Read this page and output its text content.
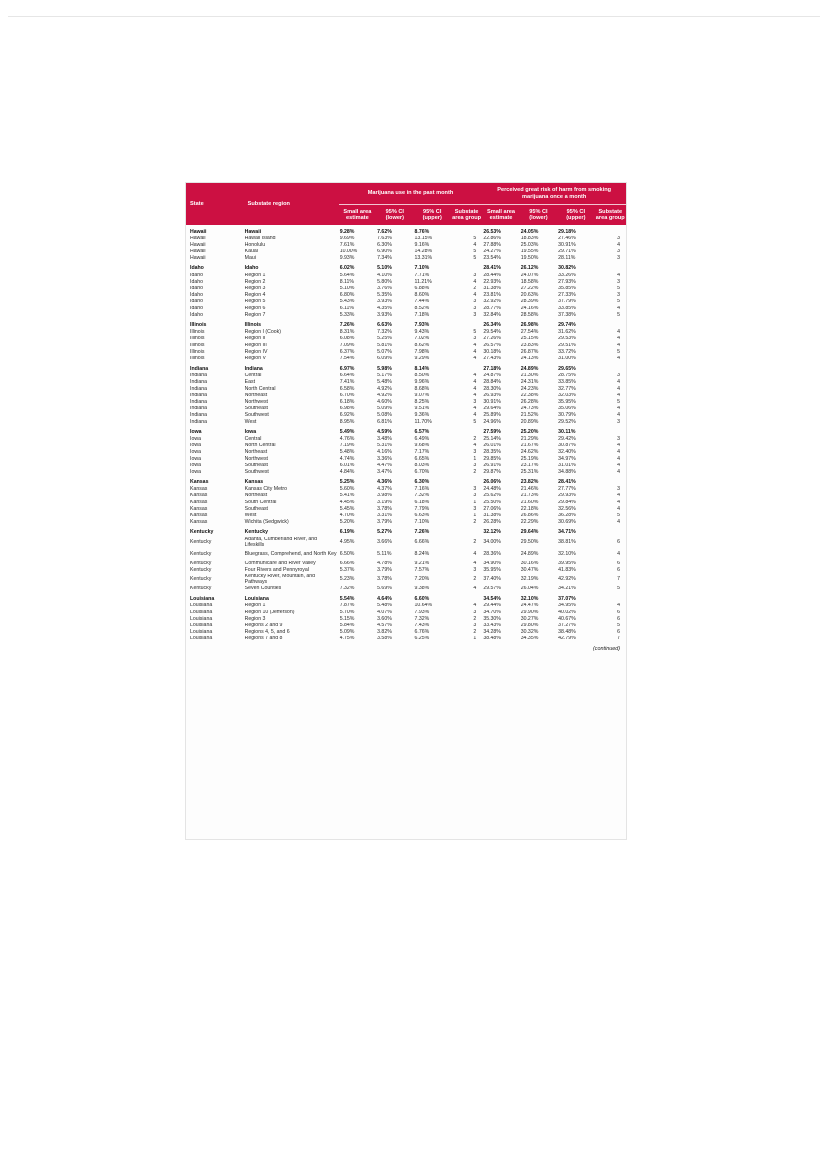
State	Substate region	Marijuana use in the past month				Perceived great risk of harm from smoking marijuana once a month			
		Small area estimate	95% CI (lower)	95% CI (upper)	Substate area group	Small area estimate	95% CI (lower)	95% CI (upper)	Substate area group
Hawaii	Hawaii	9.28%	7.62%	8.76%		26.53%	24.05%	29.18%	
Hawaii	Hawaii Island	9.69%	7.63%	13.15%	5	22.86%	18.83%	27.46%	3
Hawaii	Honolulu	7.61%	6.30%	9.16%	4	27.88%	25.03%	30.91%	4
Hawaii	Kauai	10.00%	6.90%	14.28%	5	24.27%	19.55%	29.71%	3
Hawaii	Maui	9.93%	7.34%	13.31%	5	23.54%	19.50%	28.11%	3
Idaho	Idaho	6.02%	5.10%	7.10%		28.41%	26.12%	30.82%	
Idaho	Region 1	5.64%	4.10%	7.71%	3	28.44%	24.07%	33.26%	4
Idaho	Region 2	8.11%	5.80%	11.21%	4	22.93%	18.58%	27.93%	3
Idaho	Region 3	5.10%	3.76%	6.88%	2	31.38%	27.22%	35.85%	5
Idaho	Region 4	6.80%	5.35%	8.60%	4	23.81%	20.63%	27.33%	3
Idaho	Region 5	5.43%	3.93%	7.44%	3	32.92%	28.39%	37.79%	5
Idaho	Region 6	6.11%	4.35%	8.52%	3	28.77%	24.16%	33.85%	4
Idaho	Region 7	5.33%	3.93%	7.18%	3	32.84%	28.58%	37.38%	5
Illinois	Illinois	7.26%	6.63%	7.93%		26.34%	26.98%	29.74%	
Illinois	Region I (Cook)	8.31%	7.32%	9.43%	5	29.54%	27.54%	31.62%	4
Illinois	Region II	6.08%	5.25%	7.02%	3	27.26%	25.15%	29.53%	4
Illinois	Region III	7.09%	5.81%	8.62%	4	26.57%	23.83%	29.51%	4
Illinois	Region IV	6.37%	5.07%	7.98%	4	30.18%	26.87%	33.72%	5
Illinois	Region V	7.54%	6.09%	9.29%	4	27.43%	24.13%	31.00%	4
Indiana	Indiana	6.97%	5.98%	8.14%		27.18%	24.89%	29.65%	
Indiana	Central	6.64%	5.17%	8.50%	4	24.87%	21.30%	28.75%	3
Indiana	East	7.41%	5.48%	9.96%	4	28.84%	24.31%	33.85%	4
Indiana	North Central	6.58%	4.92%	8.68%	4	28.30%	24.23%	32.77%	4
Indiana	Northeast	6.70%	4.92%	9.07%	4	26.93%	22.38%	32.03%	4
Indiana	Northwest	6.18%	4.60%	8.25%	3	30.91%	26.28%	35.95%	5
Indiana	Southeast	6.98%	5.09%	9.51%	4	29.64%	24.73%	35.06%	4
Indiana	Southwest	6.92%	5.08%	9.36%	4	25.89%	21.52%	30.79%	4
Indiana	West	8.95%	6.81%	11.70%	5	24.96%	20.89%	29.52%	3
Iowa	Iowa	5.49%	4.59%	6.57%		27.59%	25.20%	30.11%	
Iowa	Central	4.76%	3.48%	6.49%	2	25.14%	21.29%	29.42%	3
Iowa	North Central	7.19%	5.31%	9.68%	4	26.01%	21.67%	30.87%	4
Iowa	Northeast	5.48%	4.16%	7.17%	3	28.35%	24.62%	32.40%	4
Iowa	Northwest	4.74%	3.36%	6.65%	1	29.85%	25.19%	34.97%	4
Iowa	Southeast	6.01%	4.47%	8.03%	3	26.91%	23.17%	31.01%	4
Iowa	Southwest	4.84%	3.47%	6.70%	2	29.87%	25.31%	34.88%	4
Kansas	Kansas	5.25%	4.36%	6.30%		26.06%	23.82%	28.41%	
Kansas	Kansas City Metro	5.60%	4.37%	7.16%	3	24.48%	21.46%	27.77%	3
Kansas	Northeast	5.41%	3.98%	7.32%	3	25.62%	21.73%	29.93%	4
Kansas	South Central	4.45%	3.19%	6.18%	1	25.50%	21.60%	29.84%	4
Kansas	Southeast	5.45%	3.78%	7.79%	3	27.06%	22.18%	32.56%	4
Kansas	West	4.70%	3.31%	6.63%	1	31.38%	26.86%	36.28%	5
Kansas	Wichita (Sedgwick)	5.20%	3.79%	7.10%	2	26.28%	22.29%	30.69%	4
Kentucky	Kentucky	6.19%	5.27%	7.26%		32.12%	29.64%	34.71%	
Kentucky	Adanta, Cumberland River, and Lifeskills	4.95%	3.66%	6.66%	2	34.00%	29.50%	38.81%	6
Kentucky	Bluegrass, Comprehend, and North Key	6.50%	5.11%	8.24%	4	28.36%	24.89%	32.10%	4
Kentucky	Communicare and River Valley	6.66%	4.78%	9.21%	4	34.90%	30.16%	39.95%	6
Kentucky	Four Rivers and Pennyroyal	5.37%	3.79%	7.57%	3	35.95%	30.47%	41.83%	6
Kentucky	Kentucky River, Mountain, and Pathways	5.23%	3.78%	7.20%	2	37.40%	32.19%	42.92%	7
Kentucky	Seven Counties	7.32%	5.69%	9.38%	4	29.57%	26.04%	34.21%	5
Louisiana	Louisiana	5.54%	4.64%	6.60%		34.54%	32.10%	37.07%	
Louisiana	Region 1	7.87%	5.48%	10.64%	4	29.44%	24.47%	34.95%	4
Louisiana	Region 10 (Jefferson)	5.70%	4.07%	7.93%	3	34.70%	29.90%	40.02%	6
Louisiana	Region 3	5.15%	3.60%	7.32%	2	35.30%	30.27%	40.67%	6
Louisiana	Regions 2 and 9	5.84%	4.57%	7.43%	3	33.43%	29.80%	37.27%	5
Louisiana	Regions 4, 5, and 6	5.09%	3.82%	6.76%	2	34.28%	30.32%	38.48%	6
Louisiana	Regions 7 and 8	4.75%	3.58%	6.25%	1	38.48%	34.35%	42.79%	7
(continued)									
